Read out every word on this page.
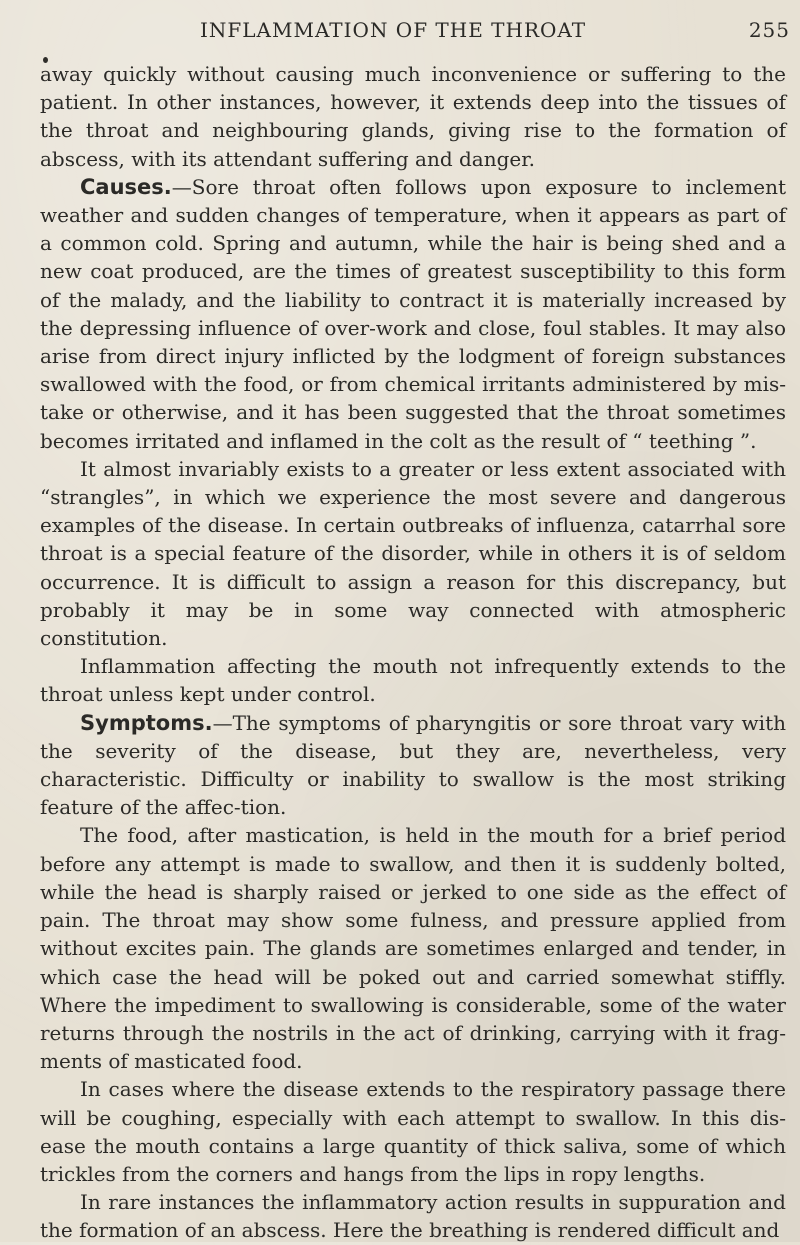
INFLAMMATION OF THE THROAT	255

away quickly without causing much inconvenience or suffering to the patient. In other instances, however, it extends deep into the tissues of the throat and neighbouring glands, giving rise to the formation of abscess, with its attendant suffering and danger.

Causes.—Sore throat often follows upon exposure to inclement weather and sudden changes of temperature, when it appears as part of a common cold. Spring and autumn, while the hair is being shed and a new coat produced, are the times of greatest susceptibility to this form of the malady, and the liability to contract it is materially increased by the depressing influence of over-work and close, foul stables. It may also arise from direct injury inflicted by the lodgment of foreign substances swallowed with the food, or from chemical irritants administered by mis-take or otherwise, and it has been suggested that the throat sometimes becomes irritated and inflamed in the colt as the result of “ teething ”.

It almost invariably exists to a greater or less extent associated with “strangles”, in which we experience the most severe and dangerous examples of the disease. In certain outbreaks of influenza, catarrhal sore throat is a special feature of the disorder, while in others it is of seldom occurrence. It is difficult to assign a reason for this discrepancy, but probably it may be in some way connected with atmospheric constitution.

Inflammation affecting the mouth not infrequently extends to the throat unless kept under control.

Symptoms.—The symptoms of pharyngitis or sore throat vary with the severity of the disease, but they are, nevertheless, very characteristic. Difficulty or inability to swallow is the most striking feature of the affec-tion.

The food, after mastication, is held in the mouth for a brief period before any attempt is made to swallow, and then it is suddenly bolted, while the head is sharply raised or jerked to one side as the effect of pain. The throat may show some fulness, and pressure applied from without excites pain. The glands are sometimes enlarged and tender, in which case the head will be poked out and carried somewhat stiffly. Where the impediment to swallowing is considerable, some of the water returns through the nostrils in the act of drinking, carrying with it frag-ments of masticated food.

In cases where the disease extends to the respiratory passage there will be coughing, especially with each attempt to swallow. In this dis-ease the mouth contains a large quantity of thick saliva, some of which trickles from the corners and hangs from the lips in ropy lengths.

In rare instances the inflammatory action results in suppuration and the formation of an abscess. Here the breathing is rendered difficult and
